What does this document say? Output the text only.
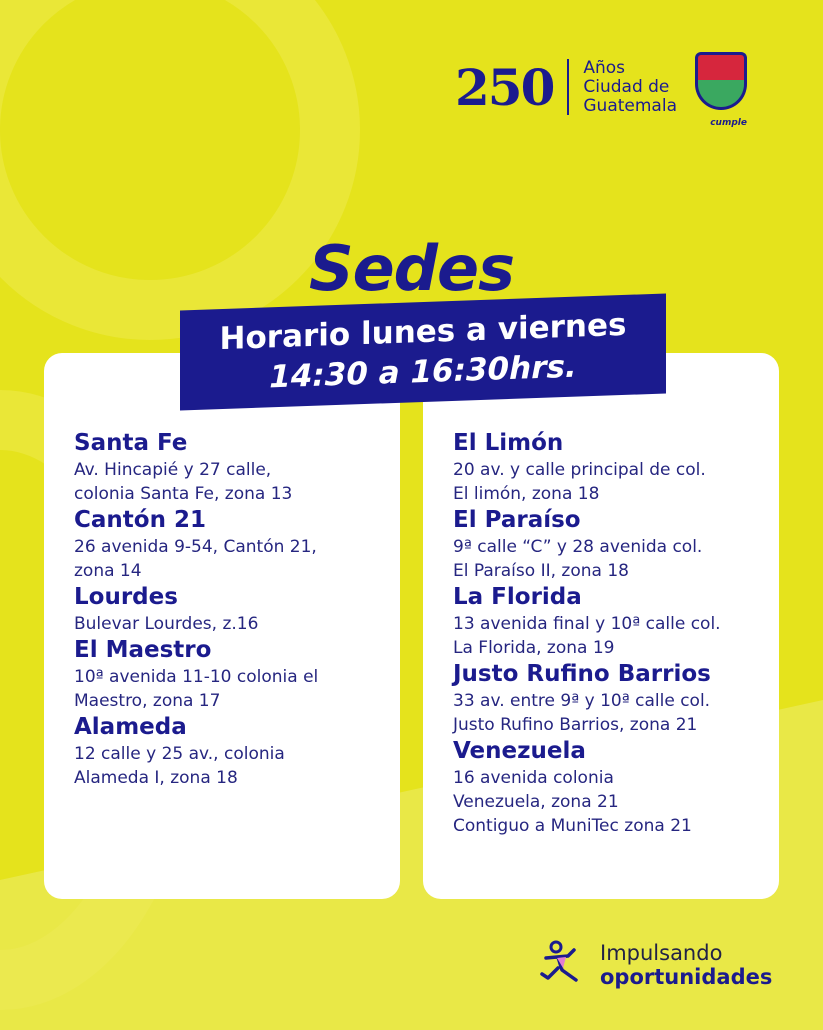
250 Años
Ciudad de
Guatemala
cumple
Sedes
Horario lunes a viernes
14:30 a 16:30hrs.
Santa Fe

Av. Hincapié y 27 calle,

colonia Santa Fe, zona 13

Cantón 21

26 avenida 9-54, Cantón 21,

zona 14

Lourdes

Bulevar Lourdes, z.16

El Maestro

10ª avenida 11-10 colonia el

Maestro, zona 17

Alameda

12 calle y 25 av., colonia

Alameda I, zona 18

El Limón

20 av. y calle principal de col.

El limón, zona 18

El Paraíso

9ª calle “C” y 28 avenida col.

El Paraíso II, zona 18

La Florida

13 avenida final y 10ª calle col.

La Florida, zona 19

Justo Rufino Barrios

33 av. entre 9ª y 10ª calle col.

Justo Rufino Barrios, zona 21

Venezuela

16 avenida colonia

Venezuela, zona 21

Contiguo a MuniTec zona 21

Impulsando
oportunidades
